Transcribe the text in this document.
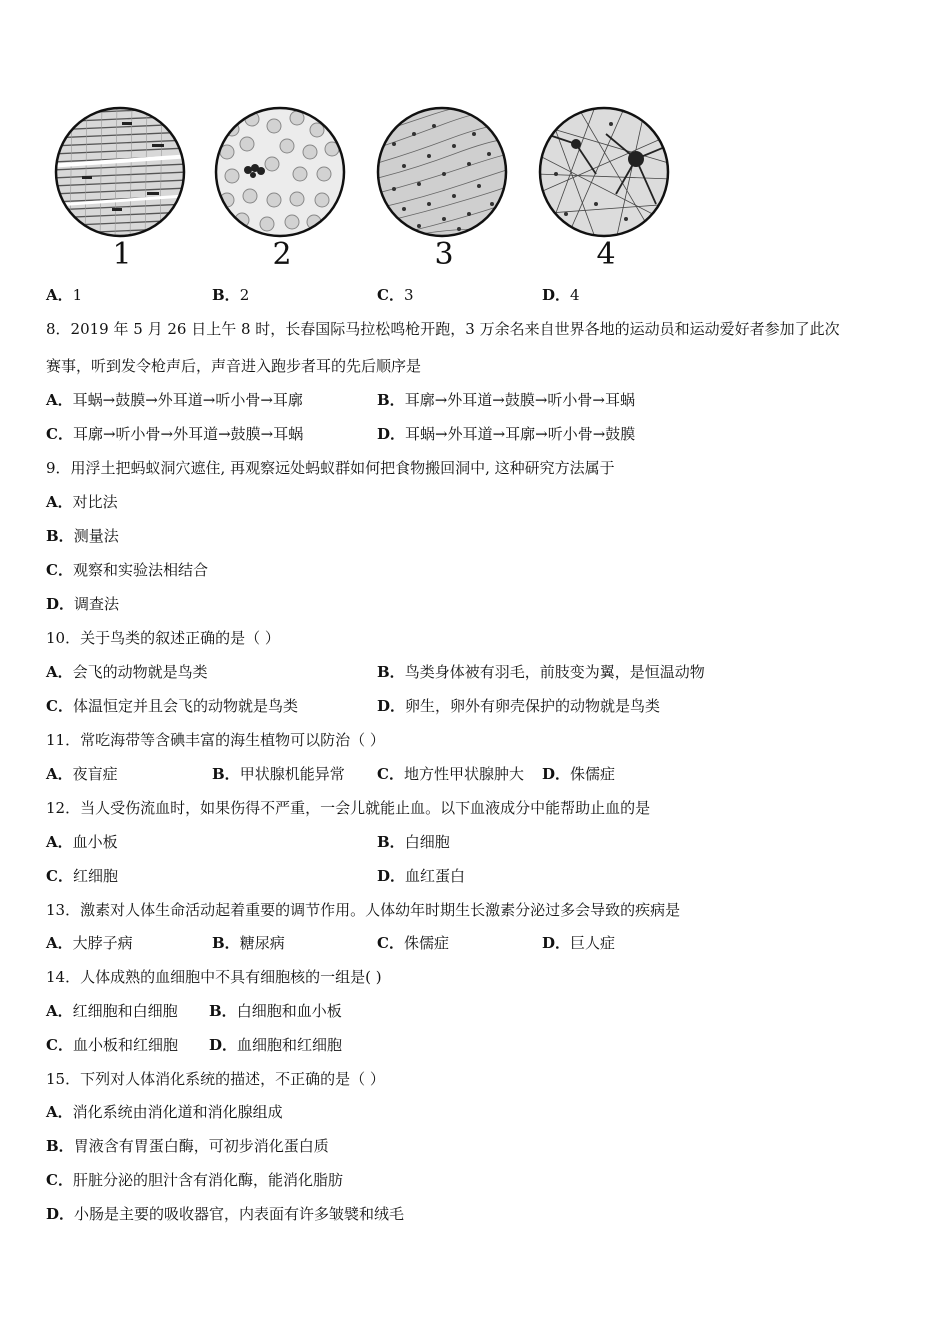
1	2	3	4
A．1	B．2	C．3	D．4
8．2019 年 5 月 26 日上午 8 时，长春国际马拉松鸣枪开跑，3 万余名来自世界各地的运动员和运动爱好者参加了此次
赛事，听到发令枪声后，声音进入跑步者耳的先后顺序是
A．耳蜗→鼓膜→外耳道→听小骨→耳廓	B．耳廓→外耳道→鼓膜→听小骨→耳蜗
C．耳廓→听小骨→外耳道→鼓膜→耳蜗	D．耳蜗→外耳道→耳廓→听小骨→鼓膜
9．用浮土把蚂蚁洞穴遮住, 再观察远处蚂蚁群如何把食物搬回洞中, 这种研究方法属于
A．对比法
B．测量法
C．观察和实验法相结合
D．调查法
10．关于鸟类的叙述正确的是（ ）
A．会飞的动物就是鸟类	B．鸟类身体被有羽毛，前肢变为翼，是恒温动物
C．体温恒定并且会飞的动物就是鸟类	D．卵生，卵外有卵壳保护的动物就是鸟类
11．常吃海带等含碘丰富的海生植物可以防治（ ）
A．夜盲症	B．甲状腺机能异常 C．地方性甲状腺肿大 D．侏儒症
12．当人受伤流血时，如果伤得不严重，一会儿就能止血。以下血液成分中能帮助止血的是
A．血小板	B．白细胞
C．红细胞	D．血红蛋白
13．激素对人体生命活动起着重要的调节作用。人体幼年时期生长激素分泌过多会导致的疾病是
A．大脖子病	B．糖尿病	C．侏儒症	D．巨人症
14．人体成熟的血细胞中不具有细胞核的一组是( )
A．红细胞和白细胞 B．白细胞和血小板
C．血小板和红细胞 D．血细胞和红细胞
15．下列对人体消化系统的描述，不正确的是（ ）
A．消化系统由消化道和消化腺组成
B．胃液含有胃蛋白酶，可初步消化蛋白质
C．肝脏分泌的胆汁含有消化酶，能消化脂肪
D．小肠是主要的吸收器官，内表面有许多皱襞和绒毛
